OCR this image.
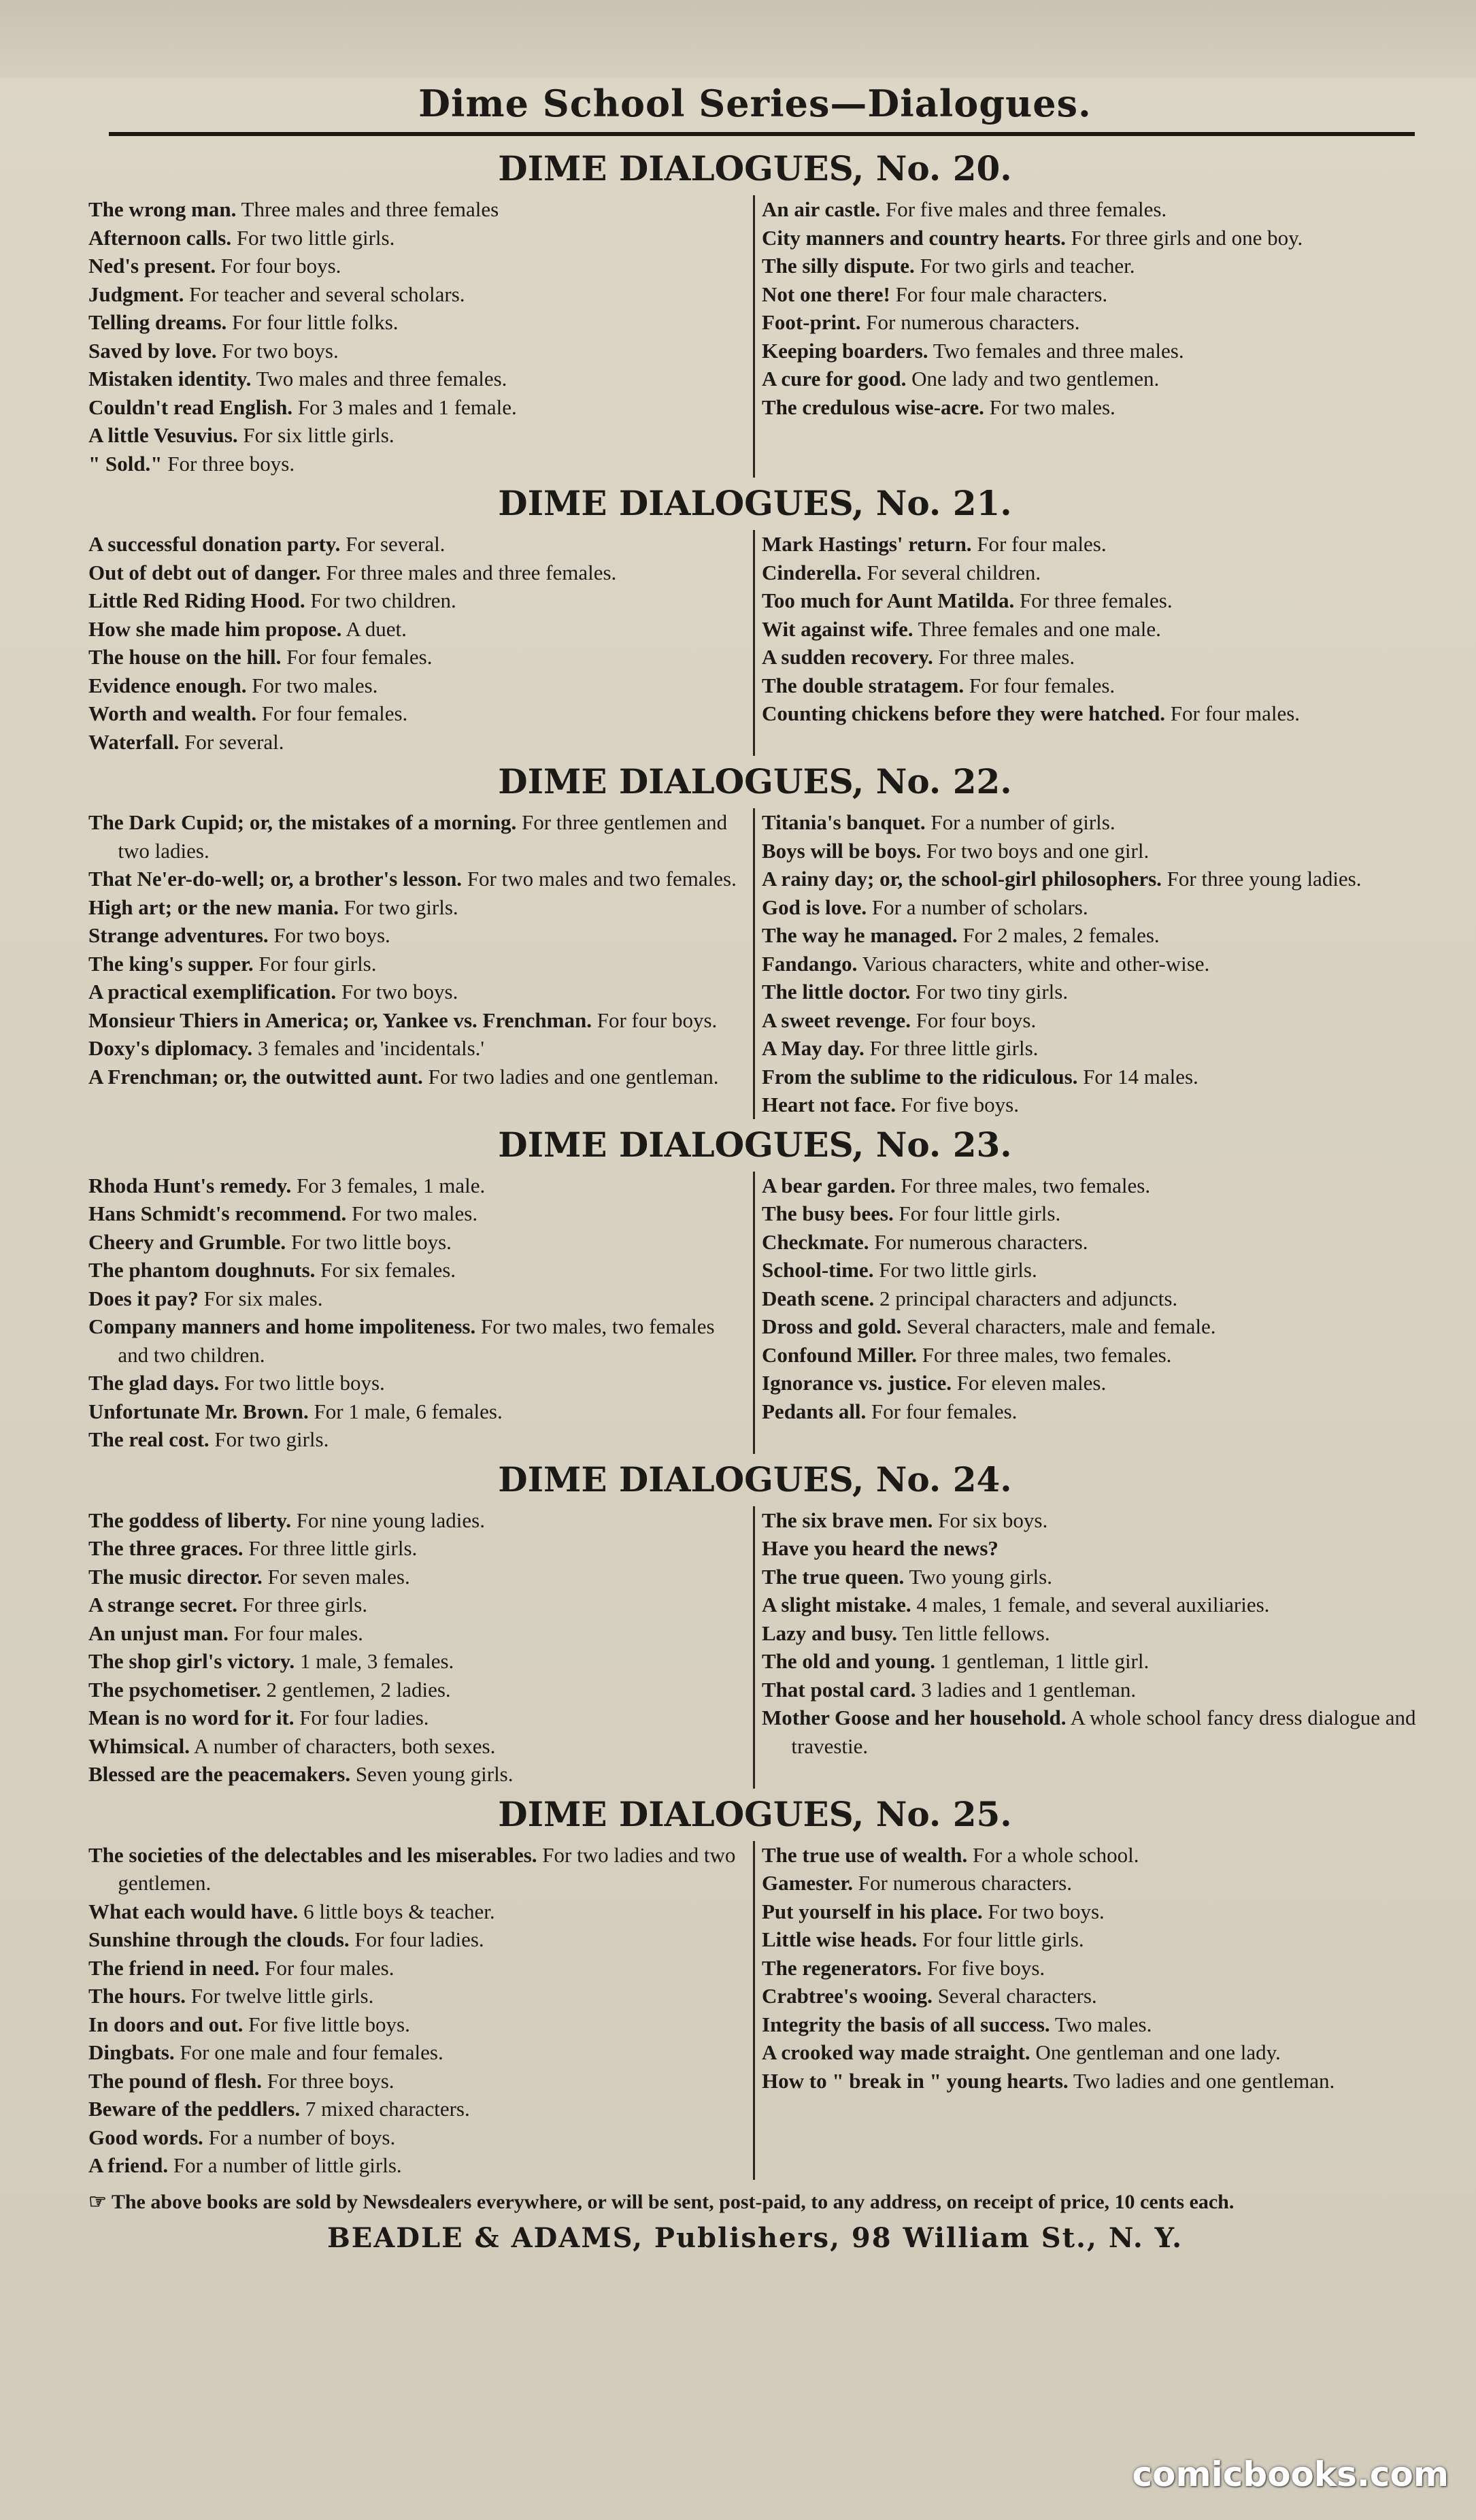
Dime School Series—Dialogues.
DIME DIALOGUES, No. 20.
The wrong man. Three males and three females
Afternoon calls. For two little girls.
Ned's present. For four boys.
Judgment. For teacher and several scholars.
Telling dreams. For four little folks.
Saved by love. For two boys.
Mistaken identity. Two males and three females.
Couldn't read English. For 3 males and 1 female.
A little Vesuvius. For six little girls.
" Sold." For three boys.
An air castle. For five males and three females.
City manners and country hearts. For three girls and one boy.
The silly dispute. For two girls and teacher.
Not one there! For four male characters.
Foot-print. For numerous characters.
Keeping boarders. Two females and three males.
A cure for good. One lady and two gentlemen.
The credulous wise-acre. For two males.
DIME DIALOGUES, No. 21.
A successful donation party. For several.
Out of debt out of danger. For three males and three females.
Little Red Riding Hood. For two children.
How she made him propose. A duet.
The house on the hill. For four females.
Evidence enough. For two males.
Worth and wealth. For four females.
Waterfall. For several.
Mark Hastings' return. For four males.
Cinderella. For several children.
Too much for Aunt Matilda. For three females.
Wit against wife. Three females and one male.
A sudden recovery. For three males.
The double stratagem. For four females.
Counting chickens before they were hatched. For four males.
DIME DIALOGUES, No. 22.
The Dark Cupid; or, the mistakes of a morning. For three gentlemen and two ladies.
That Ne'er-do-well; or, a brother's lesson. For two males and two females.
High art; or the new mania. For two girls.
Strange adventures. For two boys.
The king's supper. For four girls.
A practical exemplification. For two boys.
Monsieur Thiers in America; or, Yankee vs. Frenchman. For four boys.
Doxy's diplomacy. 3 females and 'incidentals.'
A Frenchman; or, the outwitted aunt. For two ladies and one gentleman.
Titania's banquet. For a number of girls.
Boys will be boys. For two boys and one girl.
A rainy day; or, the school-girl philosophers. For three young ladies.
God is love. For a number of scholars.
The way he managed. For 2 males, 2 females.
Fandango. Various characters, white and other-wise.
The little doctor. For two tiny girls.
A sweet revenge. For four boys.
A May day. For three little girls.
From the sublime to the ridiculous. For 14 males.
Heart not face. For five boys.
DIME DIALOGUES, No. 23.
Rhoda Hunt's remedy. For 3 females, 1 male.
Hans Schmidt's recommend. For two males.
Cheery and Grumble. For two little boys.
The phantom doughnuts. For six females.
Does it pay? For six males.
Company manners and home impoliteness. For two males, two females and two children.
The glad days. For two little boys.
Unfortunate Mr. Brown. For 1 male, 6 females.
The real cost. For two girls.
A bear garden. For three males, two females.
The busy bees. For four little girls.
Checkmate. For numerous characters.
School-time. For two little girls.
Death scene. 2 principal characters and adjuncts.
Dross and gold. Several characters, male and female.
Confound Miller. For three males, two females.
Ignorance vs. justice. For eleven males.
Pedants all. For four females.
DIME DIALOGUES, No. 24.
The goddess of liberty. For nine young ladies.
The three graces. For three little girls.
The music director. For seven males.
A strange secret. For three girls.
An unjust man. For four males.
The shop girl's victory. 1 male, 3 females.
The psychometiser. 2 gentlemen, 2 ladies.
Mean is no word for it. For four ladies.
Whimsical. A number of characters, both sexes.
Blessed are the peacemakers. Seven young girls.
The six brave men. For six boys.
Have you heard the news?
The true queen. Two young girls.
A slight mistake. 4 males, 1 female, and several auxiliaries.
Lazy and busy. Ten little fellows.
The old and young. 1 gentleman, 1 little girl.
That postal card. 3 ladies and 1 gentleman.
Mother Goose and her household. A whole school fancy dress dialogue and travestie.
DIME DIALOGUES, No. 25.
The societies of the delectables and les miserables. For two ladies and two gentlemen.
What each would have. 6 little boys & teacher.
Sunshine through the clouds. For four ladies.
The friend in need. For four males.
The hours. For twelve little girls.
In doors and out. For five little boys.
Dingbats. For one male and four females.
The pound of flesh. For three boys.
Beware of the peddlers. 7 mixed characters.
Good words. For a number of boys.
A friend. For a number of little girls.
The true use of wealth. For a whole school.
Gamester. For numerous characters.
Put yourself in his place. For two boys.
Little wise heads. For four little girls.
The regenerators. For five boys.
Crabtree's wooing. Several characters.
Integrity the basis of all success. Two males.
A crooked way made straight. One gentleman and one lady.
How to " break in " young hearts. Two ladies and one gentleman.
☞ The above books are sold by Newsdealers everywhere, or will be sent, post-paid, to any address, on receipt of price, 10 cents each.
BEADLE & ADAMS, Publishers, 98 William St., N. Y.
comicbooks.com
